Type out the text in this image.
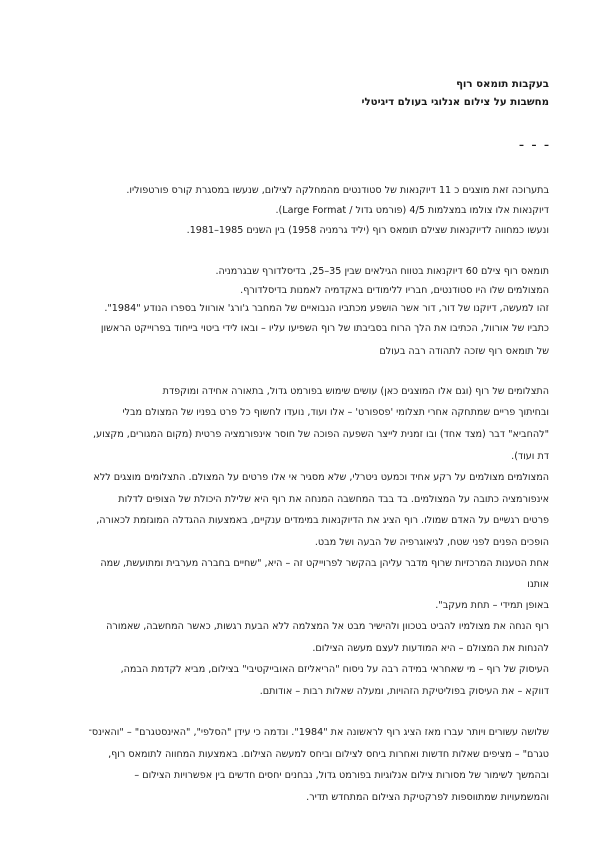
בעקבות תומאס רוף
מחשבות על צילום אנלוגי בעולם דיגיטלי
– – –
בתערוכה זאת מוצגים כ 11 דיוקנאות של סטודנטים מהמחלקה לצילום, שנעשו במסגרת קורס פורטפוליו.
דיוקנאות אלו צולמו במצלמות 4/5 (פורמט גדול / Large Format).
ונעשו כמחווה לדיוקנאות שצילם תומאס רוף (יליד גרמניה 1958) בין השנים 1985–1981.
תומאס רוף צילם 60 דיוקנאות בטווח הגילאים שבין 35–25, בדיסלדורף שבגרמניה.
המצולמים שלו היו סטודנטים, חבריו ללימודים באקדמיה לאמנות בדיסלדורף.
זהו למעשה, דיוקנו של דור, דור אשר הושפע מכתביו הנבואיים של המחבר ג'ורג' אורוול בספרו הנודע "1984".
כתביו של אורוול, הכתיבו את הלך הרוח בסביבתו של רוף השפיעו עליו – ובאו לידי ביטוי בייחוד בפרוייקט הראשון
של תומאס רוף שזכה לתהודה רבה בעולם
התצלומים של רוף (וגם אלו המוצגים כאן) עושים שימוש בפורמט גדול, בתאורה אחידה ומוקפדת
ובחיתוך פריים שמתחקה אחרי תצלומי 'פספורט' – אלו ועוד, נועדו לחשוף כל פרט בפניו של המצולם מבלי
"להחביא" דבר (מצד אחד) ובו זמנית לייצר השפעה הפוכה של חוסר אינפורמציה פרטית (מקום המגורים, מקצוע,
דת ועוד).
המצולמים מצולמים על רקע אחיד וכמעט ניטרלי, שלא מסגיר אי אלו פרטים על המצולם. התצלומים מוצגים ללא
אינפורמציה כתובה על המצולמים. בד בבד המחשבה המנחה את רוף היא שלילת היכולת של הצופים לדלות
פרטים רגשיים על האדם שמולו. רוף הציג את הדיוקנאות במימדים ענקיים, באמצעות ההגדלה המוגזמת לכאורה,
הופכים הפנים לפני שטח, לגיאוגרפיה של הבעה ושל מבט.
אחת הטענות המרכזיות שרוף מדבר עליהן בהקשר לפרוייקט זה – היא, "שחיים בחברה מערבית ומתועשת, שמה
אותנו
באופן תמידי – תחת מעקב".
רוף הנחה את מצולמיו להביט בטכוון ולהישיר מבט אל המצלמה ללא הבעת רגשות, כאשר המחשבה, שאמורה
להנחות את המצולם – היא המודעות לעצם מעשה הצילום.
העיסוק של רוף – מי שאחראי במידה רבה על ניסוח "הריאליזם האובייקטיבי" בצילום, מביא לקדמת הבמה,
דווקא – את העיסוק בפוליטיקת הזהויות, ומעלה שאלות רבות – אודותם.
שלושה עשורים ויותר עברו מאז הציג רוף לראשונה את "1984". ונדמה כי עידן "הסלפי", "האינסטגרם" – "והאינס־
טגרם" – מציפים שאלות חדשות ואחרות ביחס לצילום וביחס למעשה הצילום. באמצעות המחווה לתומאס רוף,
ובהמשך לשימור של מסורות צילום אנלוגיות בפורמט גדול, נבחנים יחסים חדשים בין אפשרויות הצילום –
והמשמעויות שמתווספות לפרקטיקת הצילום המתחדש תדיר.
